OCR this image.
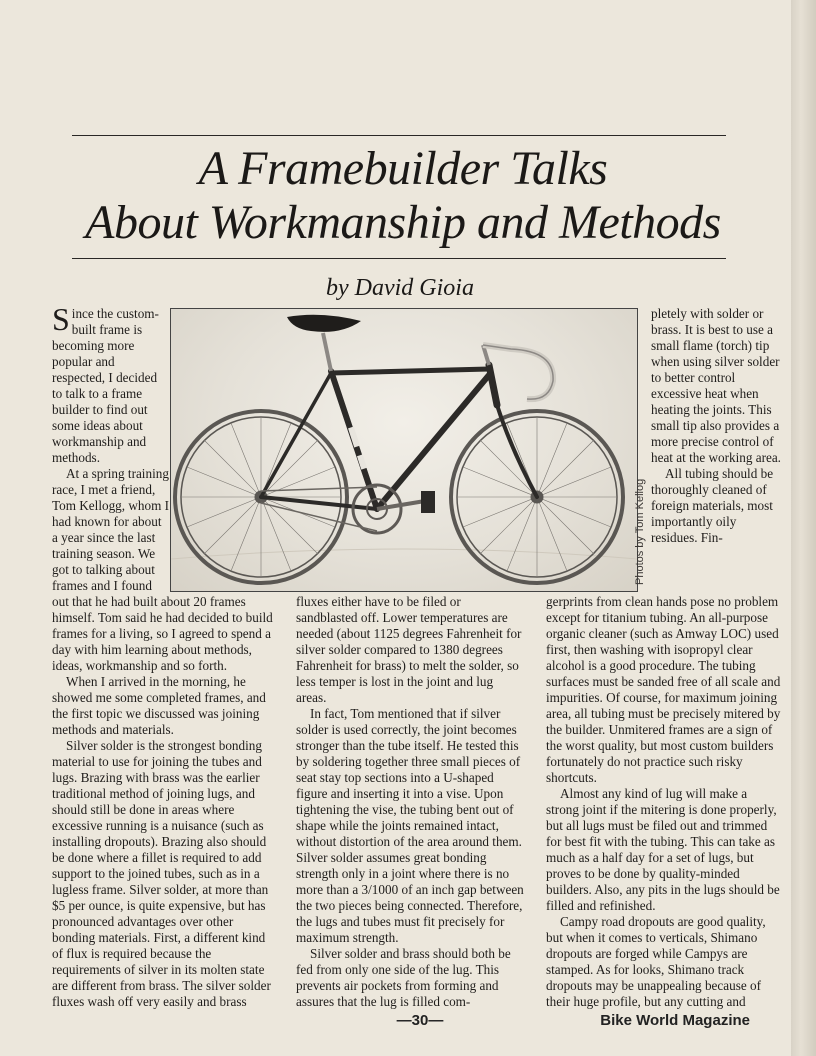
A Framebuilder Talks
About Workmanship and Methods
by David Gioia

Since the custom-built frame is becoming more popular and respected, I decided to talk to a frame builder to find out some ideas about workmanship and methods.

At a spring training race, I met a friend, Tom Kellogg, whom I had known for about a year since the last training season. We got to talking about frames and I found

Photos by Tom Kellog

pletely with solder or brass. It is best to use a small flame (torch) tip when using silver solder to better control excessive heat when heating the joints. This small tip also provides a more precise control of heat at the working area.

All tubing should be thoroughly cleaned of foreign materials, most importantly oily residues. Fin-

out that he had built about 20 frames himself. Tom said he had decided to build frames for a living, so I agreed to spend a day with him learning about methods, ideas, workmanship and so forth.

When I arrived in the morning, he showed me some completed frames, and the first topic we discussed was joining methods and materials.

Silver solder is the strongest bonding material to use for joining the tubes and lugs. Brazing with brass was the earlier traditional method of joining lugs, and should still be done in areas where excessive running is a nuisance (such as installing dropouts). Brazing also should be done where a fillet is required to add support to the joined tubes, such as in a lugless frame. Silver solder, at more than $5 per ounce, is quite expensive, but has pronounced advantages over other bonding materials. First, a different kind of flux is required because the requirements of silver in its molten state are different from brass. The silver solder fluxes wash off very easily and brass

fluxes either have to be filed or sandblasted off. Lower temperatures are needed (about 1125 degrees Fahrenheit for silver solder compared to 1380 degrees Fahrenheit for brass) to melt the solder, so less temper is lost in the joint and lug areas.

In fact, Tom mentioned that if silver solder is used correctly, the joint becomes stronger than the tube itself. He tested this by soldering together three small pieces of seat stay top sections into a U-shaped figure and inserting it into a vise. Upon tightening the vise, the tubing bent out of shape while the joints remained intact, without distortion of the area around them. Silver solder assumes great bonding strength only in a joint where there is no more than a 3/1000 of an inch gap between the two pieces being connected. Therefore, the lugs and tubes must fit precisely for maximum strength.

Silver solder and brass should both be fed from only one side of the lug. This prevents air pockets from forming and assures that the lug is filled com-

gerprints from clean hands pose no problem except for titanium tubing. An all-purpose organic cleaner (such as Amway LOC) used first, then washing with isopropyl clear alcohol is a good procedure. The tubing surfaces must be sanded free of all scale and impurities. Of course, for maximum joining area, all tubing must be precisely mitered by the builder. Unmitered frames are a sign of the worst quality, but most custom builders fortunately do not practice such risky shortcuts.

Almost any kind of lug will make a strong joint if the mitering is done properly, but all lugs must be filed out and trimmed for best fit with the tubing. This can take as much as a half day for a set of lugs, but proves to be done by quality-minded builders. Also, any pits in the lugs should be filled and refinished.

Campy road dropouts are good quality, but when it comes to verticals, Shimano dropouts are forged while Campys are stamped. As for looks, Shimano track dropouts may be unappealing because of their huge profile, but any cutting and

—30—	Bike World Magazine
